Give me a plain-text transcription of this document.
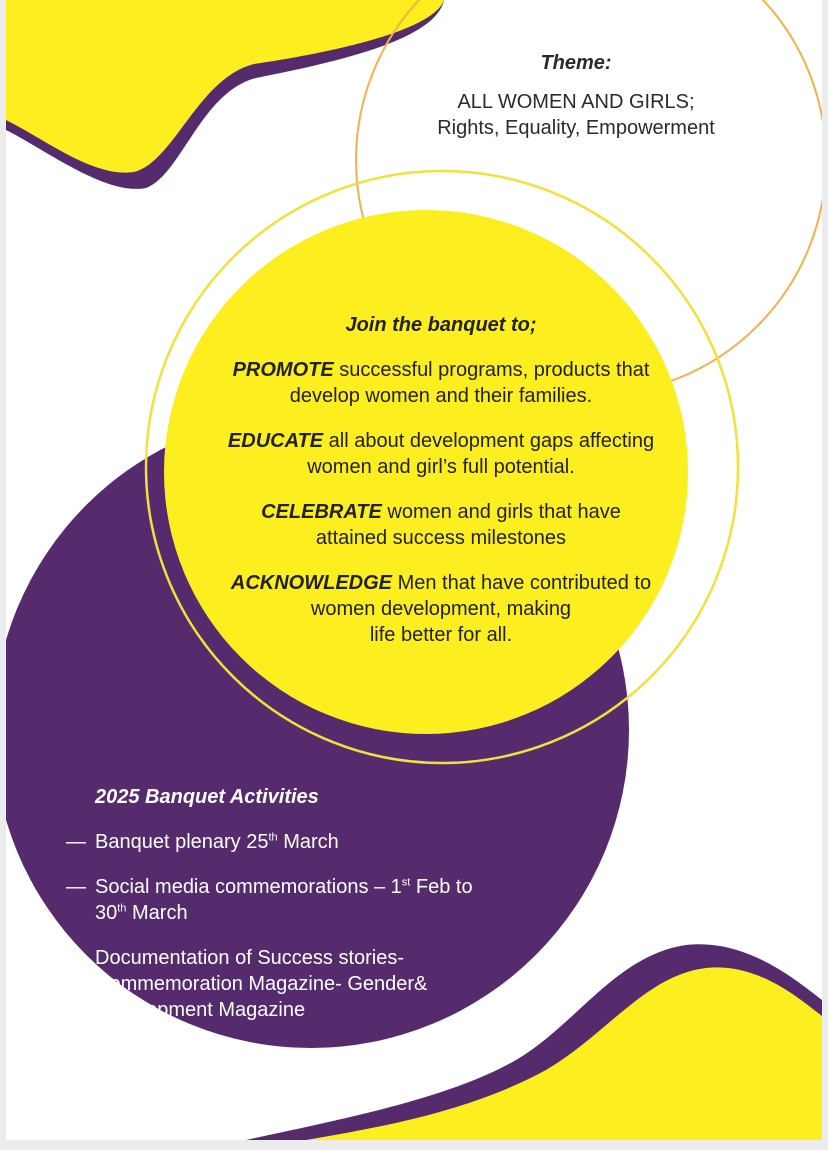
Theme:
ALL WOMEN AND GIRLS;
Rights, Equality, Empowerment
Join the banquet to;
PROMOTE successful programs, products that
develop women and their families.
EDUCATE all about development gaps affecting
women and girl’s full potential.
CELEBRATE women and girls that have
attained success milestones
ACKNOWLEDGE Men that have contributed to
women development, making
life better for all.
2025 Banquet Activities
— Banquet plenary 25th March
— Social media commemorations – 1st Feb to
30th March
— Documentation of Success stories-
Commemoration Magazine- Gender&
Development Magazine
